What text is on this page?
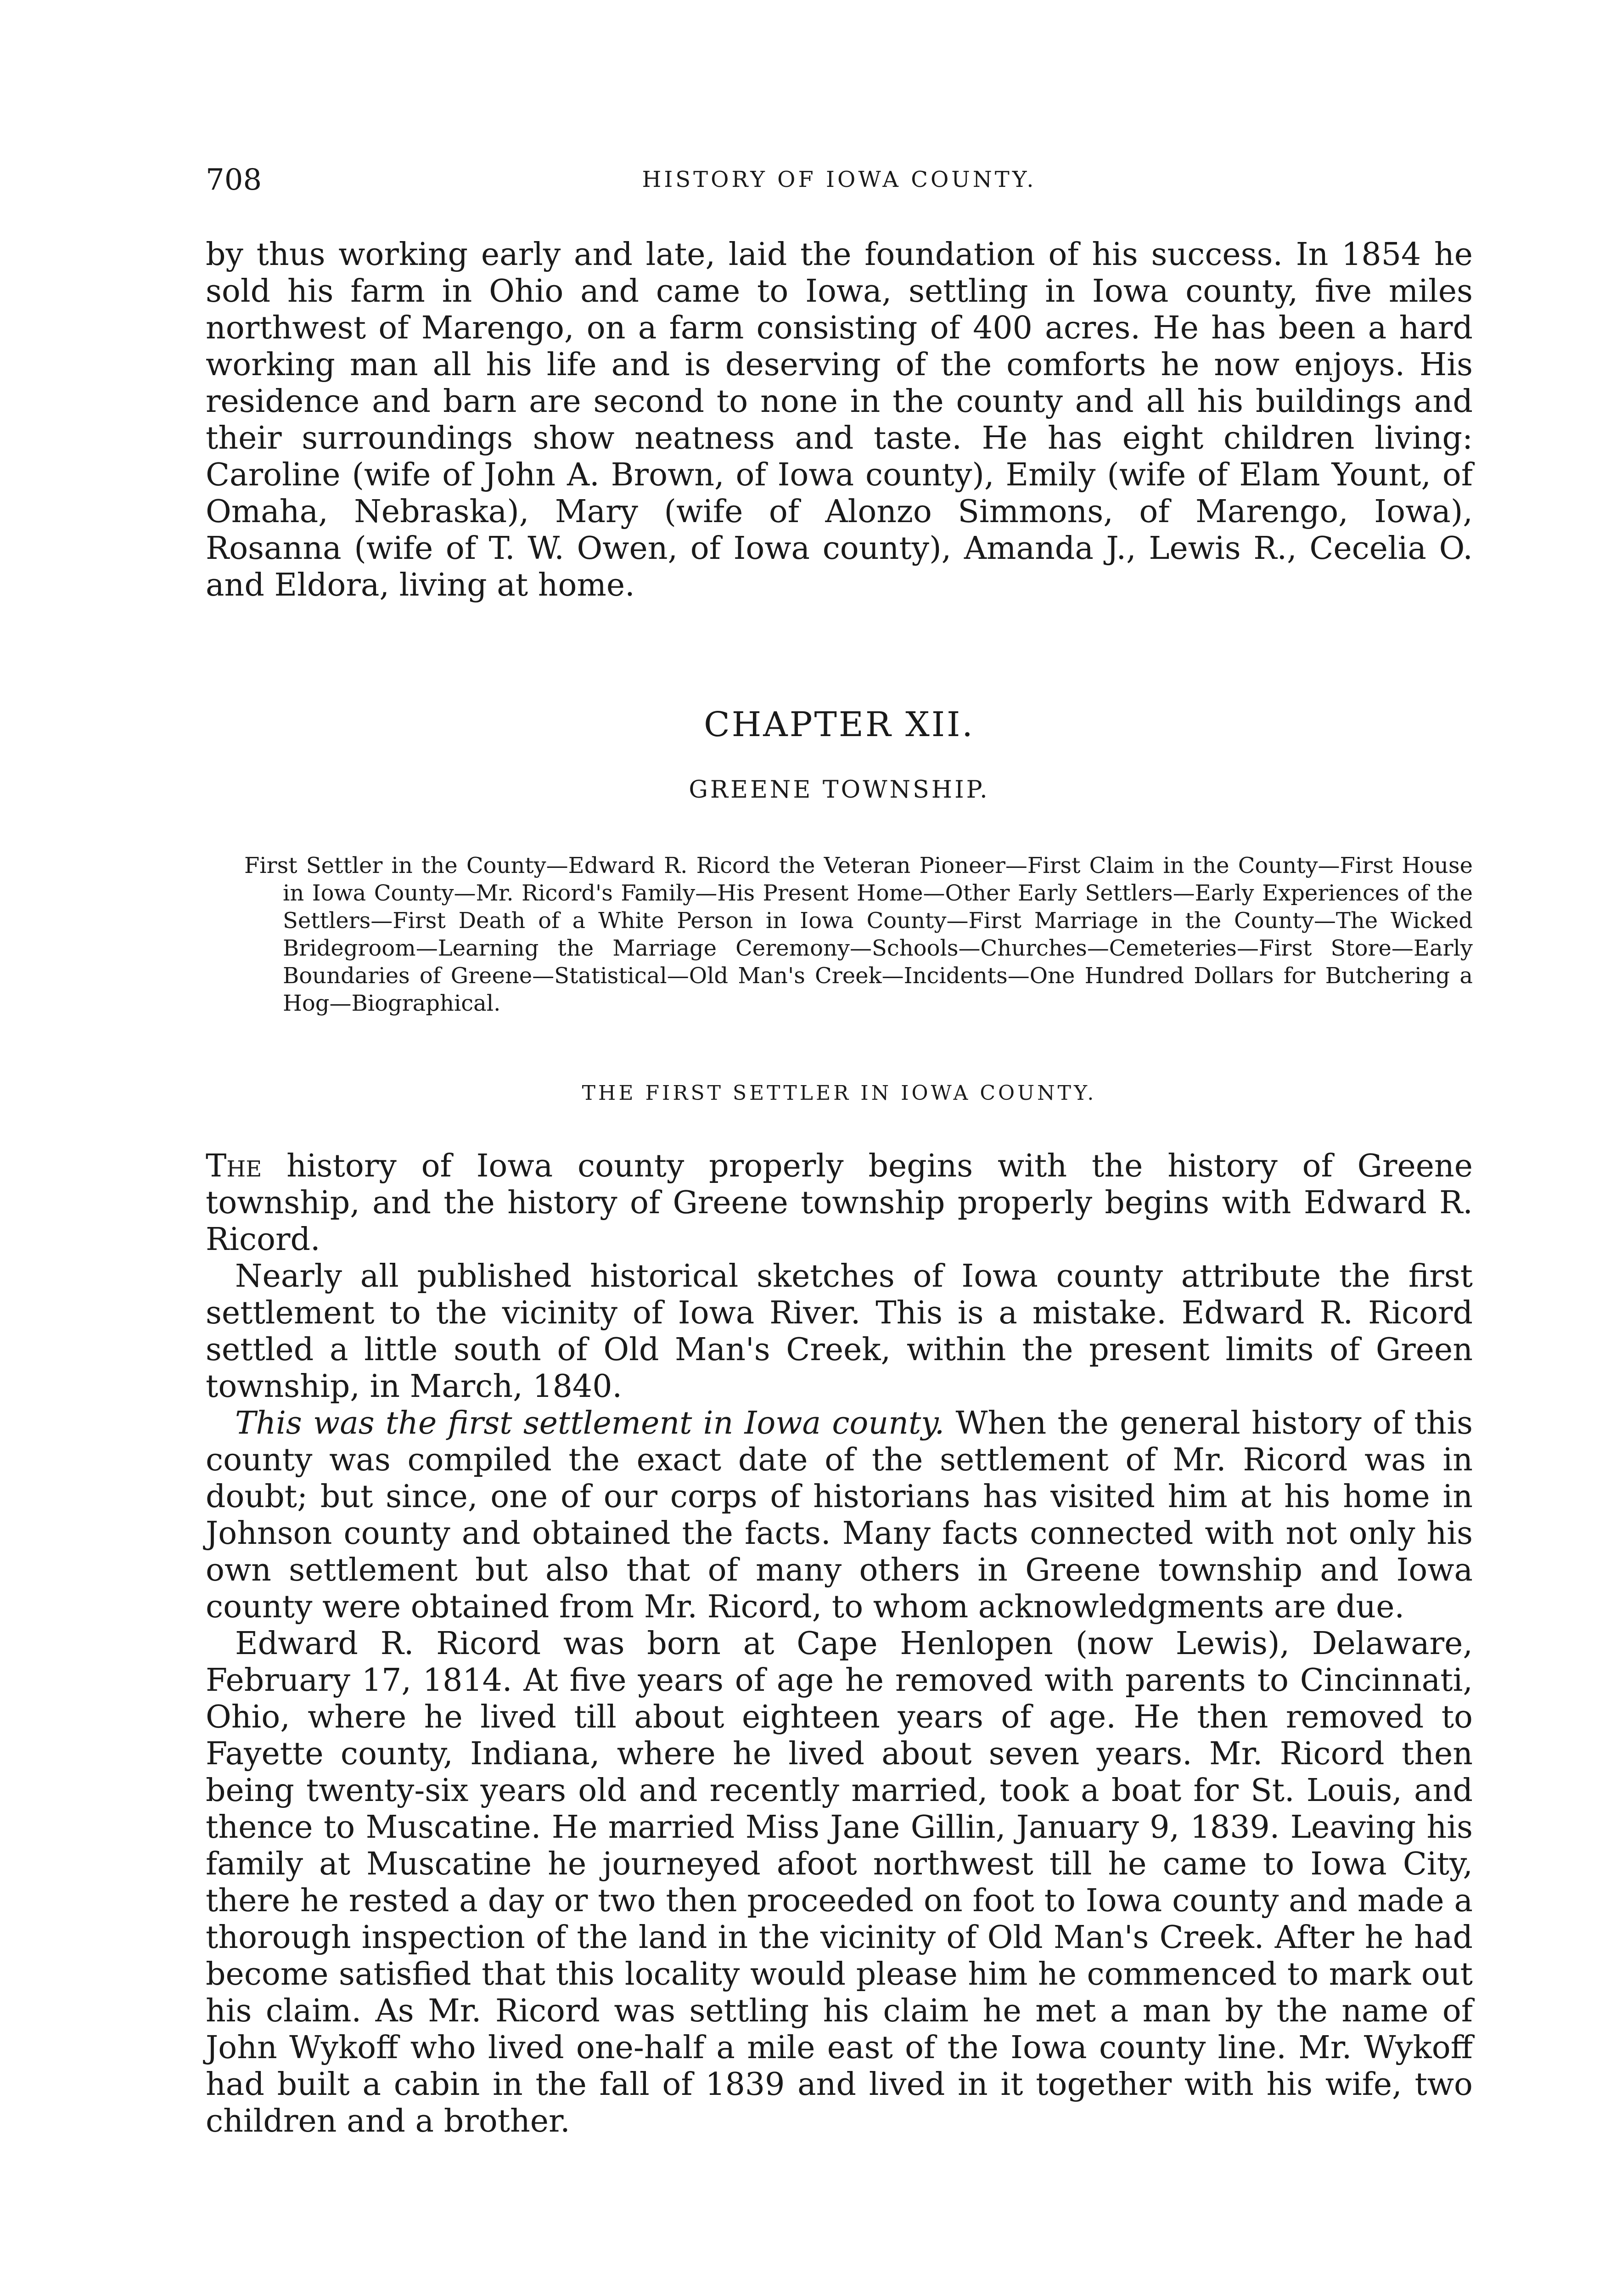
708	HISTORY OF IOWA COUNTY.
by thus working early and late, laid the foundation of his success. In 1854 he sold his farm in Ohio and came to Iowa, settling in Iowa county, five miles northwest of Marengo, on a farm consisting of 400 acres. He has been a hard working man all his life and is deserving of the comforts he now enjoys. His residence and barn are second to none in the county and all his buildings and their surroundings show neatness and taste. He has eight children living: Caroline (wife of John A. Brown, of Iowa county), Emily (wife of Elam Yount, of Omaha, Nebraska), Mary (wife of Alonzo Simmons, of Marengo, Iowa), Rosanna (wife of T. W. Owen, of Iowa county), Amanda J., Lewis R., Cecelia O. and Eldora, living at home.
CHAPTER XII.
GREENE TOWNSHIP.
First Settler in the County—Edward R. Ricord the Veteran Pioneer—First Claim in the County—First House in Iowa County—Mr. Ricord's Family—His Present Home—Other Early Settlers—Early Experiences of the Settlers—First Death of a White Person in Iowa County—First Marriage in the County—The Wicked Bridegroom—Learning the Marriage Ceremony—Schools—Churches—Cemeteries—First Store—Early Boundaries of Greene—Statistical—Old Man's Creek—Incidents—One Hundred Dollars for Butchering a Hog—Biographical.
THE FIRST SETTLER IN IOWA COUNTY.

The history of Iowa county properly begins with the history of Greene township, and the history of Greene township properly begins with Edward R. Ricord.

Nearly all published historical sketches of Iowa county attribute the first settlement to the vicinity of Iowa River. This is a mistake. Edward R. Ricord settled a little south of Old Man's Creek, within the present limits of Green township, in March, 1840.

This was the first settlement in Iowa county. When the general history of this county was compiled the exact date of the settlement of Mr. Ricord was in doubt; but since, one of our corps of historians has visited him at his home in Johnson county and obtained the facts. Many facts connected with not only his own settlement but also that of many others in Greene township and Iowa county were obtained from Mr. Ricord, to whom acknowledgments are due.

Edward R. Ricord was born at Cape Henlopen (now Lewis), Delaware, February 17, 1814. At five years of age he removed with parents to Cincinnati, Ohio, where he lived till about eighteen years of age. He then removed to Fayette county, Indiana, where he lived about seven years. Mr. Ricord then being twenty-six years old and recently married, took a boat for St. Louis, and thence to Muscatine. He married Miss Jane Gillin, January 9, 1839. Leaving his family at Muscatine he journeyed afoot northwest till he came to Iowa City, there he rested a day or two then proceeded on foot to Iowa county and made a thorough inspection of the land in the vicinity of Old Man's Creek. After he had become satisfied that this locality would please him he commenced to mark out his claim. As Mr. Ricord was settling his claim he met a man by the name of John Wykoff who lived one-half a mile east of the Iowa county line. Mr. Wykoff had built a cabin in the fall of 1839 and lived in it together with his wife, two children and a brother.
